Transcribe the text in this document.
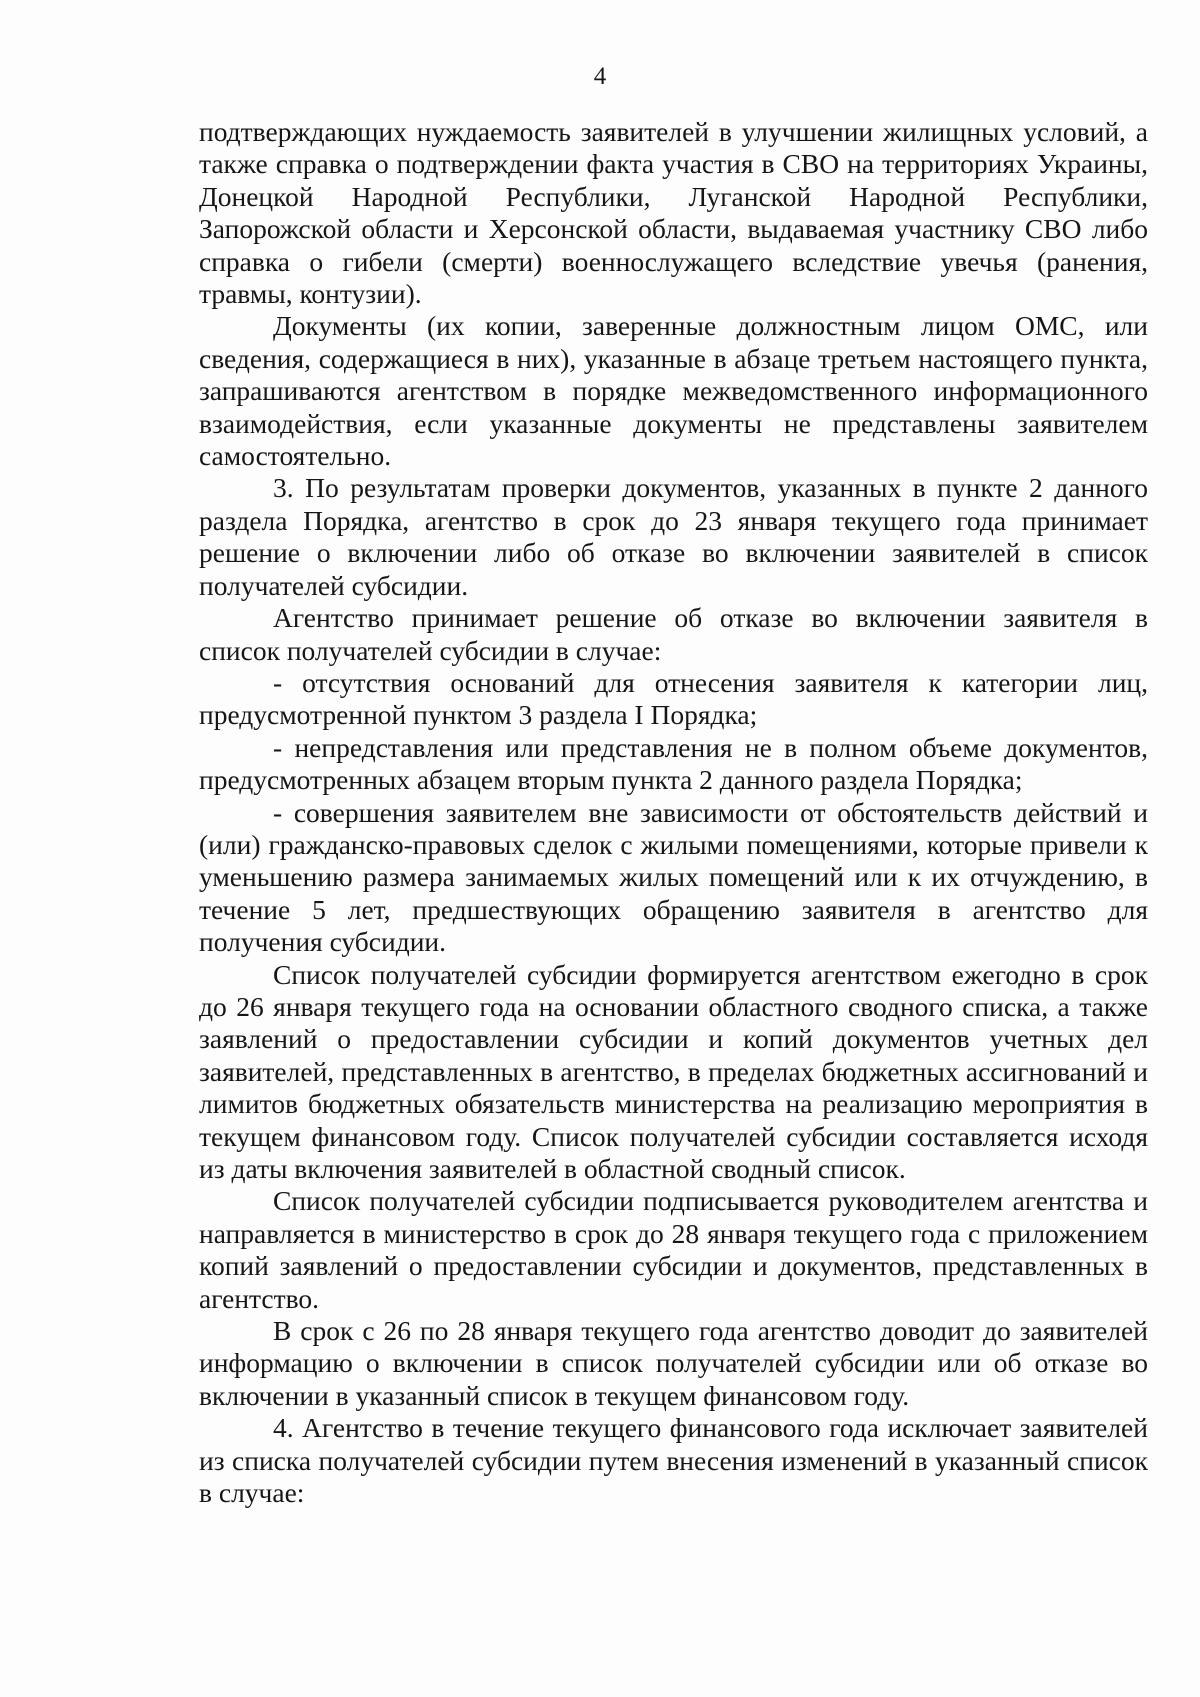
4

подтверждающих нуждаемость заявителей в улучшении жилищных условий, а также справка о подтверждении факта участия в СВО на территориях Украины, Донецкой Народной Республики, Луганской Народной Республики, Запорожской области и Херсонской области, выдаваемая участнику СВО либо справка о гибели (смерти) военнослужащего вследствие увечья (ранения, травмы, контузии).

Документы (их копии, заверенные должностным лицом ОМС, или сведения, содержащиеся в них), указанные в абзаце третьем настоящего пункта, запрашиваются агентством в порядке межведомственного информационного взаимодействия, если указанные документы не представлены заявителем самостоятельно.

3. По результатам проверки документов, указанных в пункте 2 данного раздела Порядка, агентство в срок до 23 января текущего года принимает решение о включении либо об отказе во включении заявителей в список получателей субсидии.

Агентство принимает решение об отказе во включении заявителя в список получателей субсидии в случае:

- отсутствия оснований для отнесения заявителя к категории лиц, предусмотренной пунктом 3 раздела I Порядка;

- непредставления или представления не в полном объеме документов, предусмотренных абзацем вторым пункта 2 данного раздела Порядка;

- совершения заявителем вне зависимости от обстоятельств действий и (или) гражданско-правовых сделок с жилыми помещениями, которые привели к уменьшению размера занимаемых жилых помещений или к их отчуждению, в течение 5 лет, предшествующих обращению заявителя в агентство для получения субсидии.

Список получателей субсидии формируется агентством ежегодно в срок до 26 января текущего года на основании областного сводного списка, а также заявлений о предоставлении субсидии и копий документов учетных дел заявителей, представленных в агентство, в пределах бюджетных ассигнований и лимитов бюджетных обязательств министерства на реализацию мероприятия в текущем финансовом году. Список получателей субсидии составляется исходя из даты включения заявителей в областной сводный список.

Список получателей субсидии подписывается руководителем агентства и направляется в министерство в срок до 28 января текущего года с приложением копий заявлений о предоставлении субсидии и документов, представленных в агентство.

В срок с 26 по 28 января текущего года агентство доводит до заявителей информацию о включении в список получателей субсидии или об отказе во включении в указанный список в текущем финансовом году.

4. Агентство в течение текущего финансового года исключает заявителей из списка получателей субсидии путем внесения изменений в указанный список в случае:
